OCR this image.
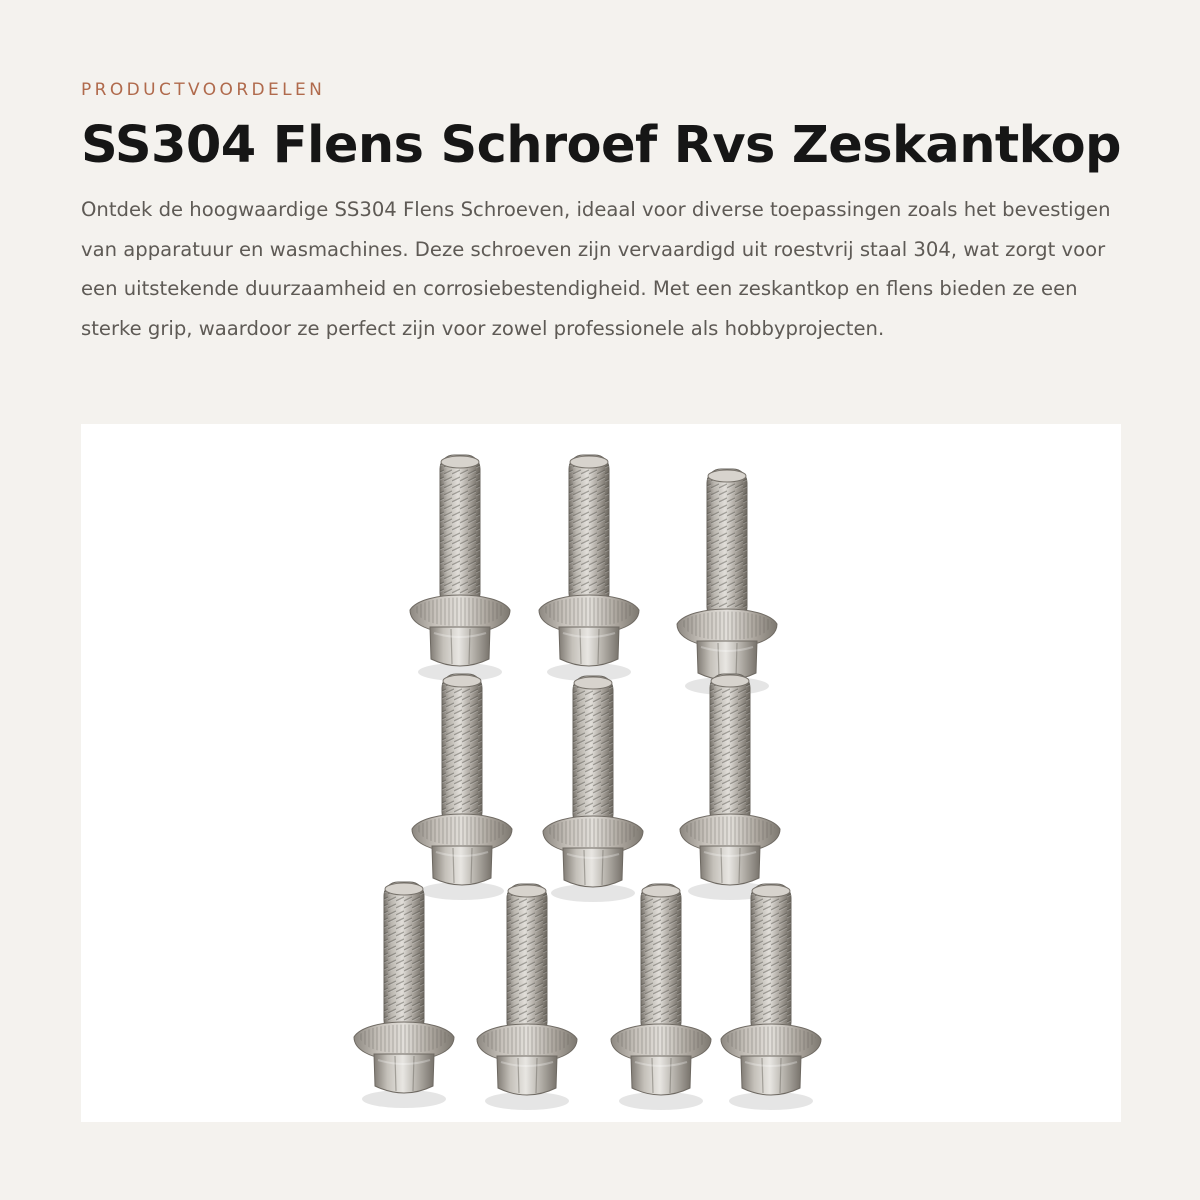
PRODUCTVOORDELEN

SS304 Flens Schroef Rvs Zeskantkop

Ontdek de hoogwaardige SS304 Flens Schroeven, ideaal voor diverse toepassingen zoals het bevestigen van apparatuur en wasmachines. Deze schroeven zijn vervaardigd uit roestvrij staal 304, wat zorgt voor een uitstekende duurzaamheid en corrosiebestendigheid. Met een zeskantkop en flens bieden ze een sterke grip, waardoor ze perfect zijn voor zowel professionele als hobbyprojecten.
